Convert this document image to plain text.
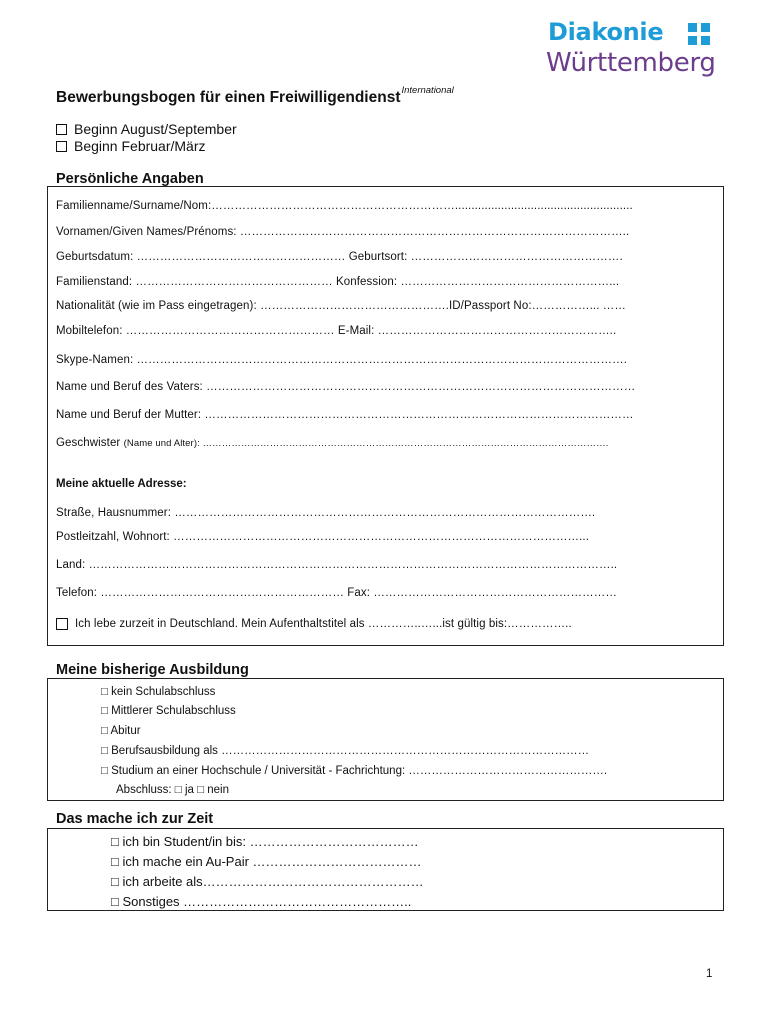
Diakonie
Württemberg
Bewerbungsbogen für einen Freiwilligendienst$^{International}$
Beginn August/September
Beginn Februar/März
Persönliche Angaben
Familienname/Surname/Nom:………………………………………………………......................................................
Vornamen/Given Names/Prénoms: ………………………………………………………………………………………..
Geburtsdatum: ……………………………………………… Geburtsort: ……………………………………………….
Familienstand: …………………………………………… Konfession: ………………………………………………...
Nationalität (wie im Pass eingetragen): ………………………………………….ID/Passport No:……………... ……
Mobiltelefon: ……………………………………………… E-Mail: ……………………………………………………..
Skype-Namen: ……………………………………………………………………………………………………………….
Name und Beruf des Vaters: …………………………………………………………………………………………………
Name und Beruf der Mutter: …………………………………………………………………………………………………
Geschwister (Name und Alter): ……………………………………………………………………………………………………………….
Meine aktuelle Adresse:
Straße, Hausnummer: ……………………………………………………………………………………………….
Postleitzahl, Wohnort: ……………………………………………………………………………………………...
Land: ………………………………………………………………………………………………………………………..
Telefon: ……………………………………………………… Fax: ………………………………………………………
Ich lebe zurzeit in Deutschland. Mein Aufenthaltstitel als …………..…...ist gültig bis:……………..
Meine bisherige Ausbildung
□ kein Schulabschluss
□ Mittlerer Schulabschluss
□ Abitur
□ Berufsausbildung als ……………………………………………………………………………………
□ Studium an einer Hochschule / Universität - Fachrichtung: …………………………………………….
Abschluss: □ ja □ nein
Das mache ich zur Zeit
□ ich bin Student/in bis: …………………………………
□ ich mache ein Au-Pair …………………………………
□ ich arbeite als……………………………………………
□ Sonstiges ……………………………………………..
1
